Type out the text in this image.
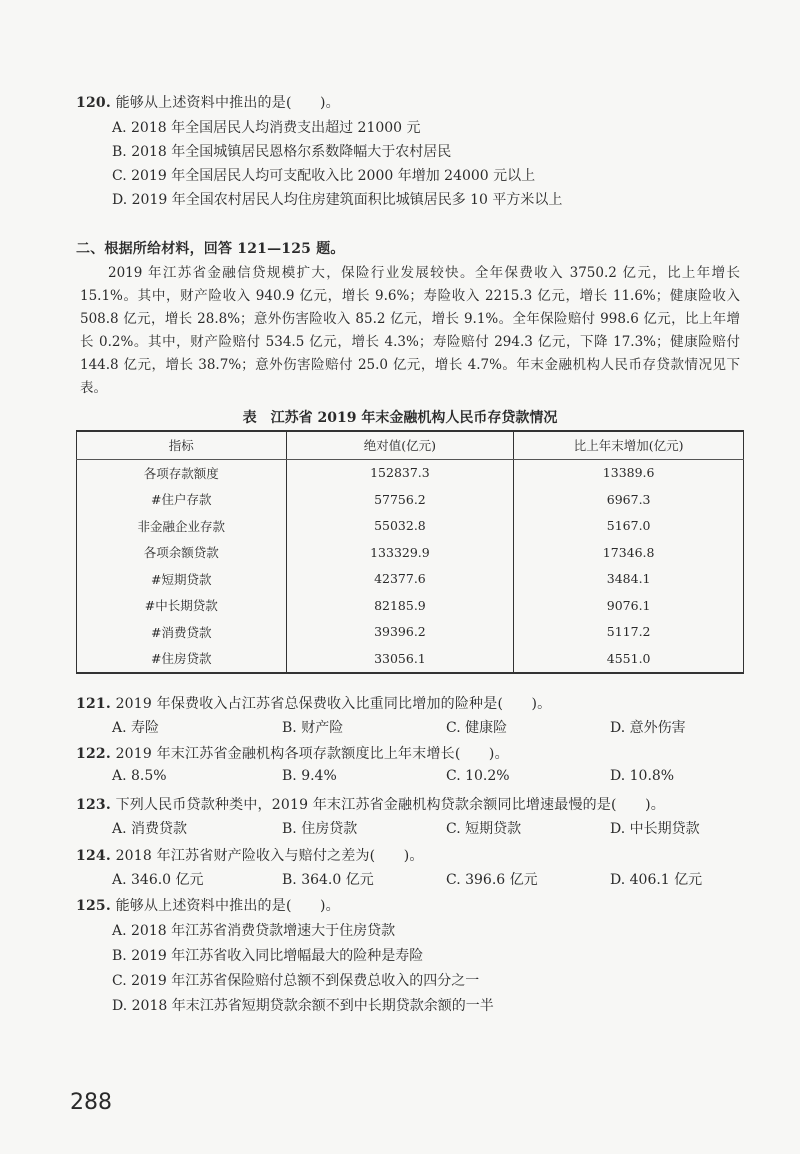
120. 能够从上述资料中推出的是(　　)。
A. 2018 年全国居民人均消费支出超过 21000 元
B. 2018 年全国城镇居民恩格尔系数降幅大于农村居民
C. 2019 年全国居民人均可支配收入比 2000 年增加 24000 元以上
D. 2019 年全国农村居民人均住房建筑面积比城镇居民多 10 平方米以上
二、根据所给材料，回答 121—125 题。
2019 年江苏省金融信贷规模扩大，保险行业发展较快。全年保费收入 3750.2 亿元，比上年增长 15.1%。其中，财产险收入 940.9 亿元，增长 9.6%；寿险收入 2215.3 亿元，增长 11.6%；健康险收入 508.8 亿元，增长 28.8%；意外伤害险收入 85.2 亿元，增长 9.1%。全年保险赔付 998.6 亿元，比上年增长 0.2%。其中，财产险赔付 534.5 亿元，增长 4.3%；寿险赔付 294.3 亿元，下降 17.3%；健康险赔付 144.8 亿元，增长 38.7%；意外伤害险赔付 25.0 亿元，增长 4.7%。年末金融机构人民币存贷款情况见下表。
表　江苏省 2019 年末金融机构人民币存贷款情况
指标	绝对值(亿元)	比上年末增加(亿元)
各项存款额度	152837.3	13389.6
#住户存款	57756.2	6967.3
非金融企业存款	55032.8	5167.0
各项余额贷款	133329.9	17346.8
#短期贷款	42377.6	3484.1
#中长期贷款	82185.9	9076.1
#消费贷款	39396.2	5117.2
#住房贷款	33056.1	4551.0
121. 2019 年保费收入占江苏省总保费收入比重同比增加的险种是(　　)。
A. 寿险	B. 财产险	C. 健康险	D. 意外伤害
122. 2019 年末江苏省金融机构各项存款额度比上年末增长(　　)。
A. 8.5%	B. 9.4%	C. 10.2%	D. 10.8%
123. 下列人民币贷款种类中，2019 年末江苏省金融机构贷款余额同比增速最慢的是(　　)。
A. 消费贷款	B. 住房贷款	C. 短期贷款	D. 中长期贷款
124. 2018 年江苏省财产险收入与赔付之差为(　　)。
A. 346.0 亿元	B. 364.0 亿元	C. 396.6 亿元	D. 406.1 亿元
125. 能够从上述资料中推出的是(　　)。
A. 2018 年江苏省消费贷款增速大于住房贷款
B. 2019 年江苏省收入同比增幅最大的险种是寿险
C. 2019 年江苏省保险赔付总额不到保费总收入的四分之一
D. 2018 年末江苏省短期贷款余额不到中长期贷款余额的一半
288
